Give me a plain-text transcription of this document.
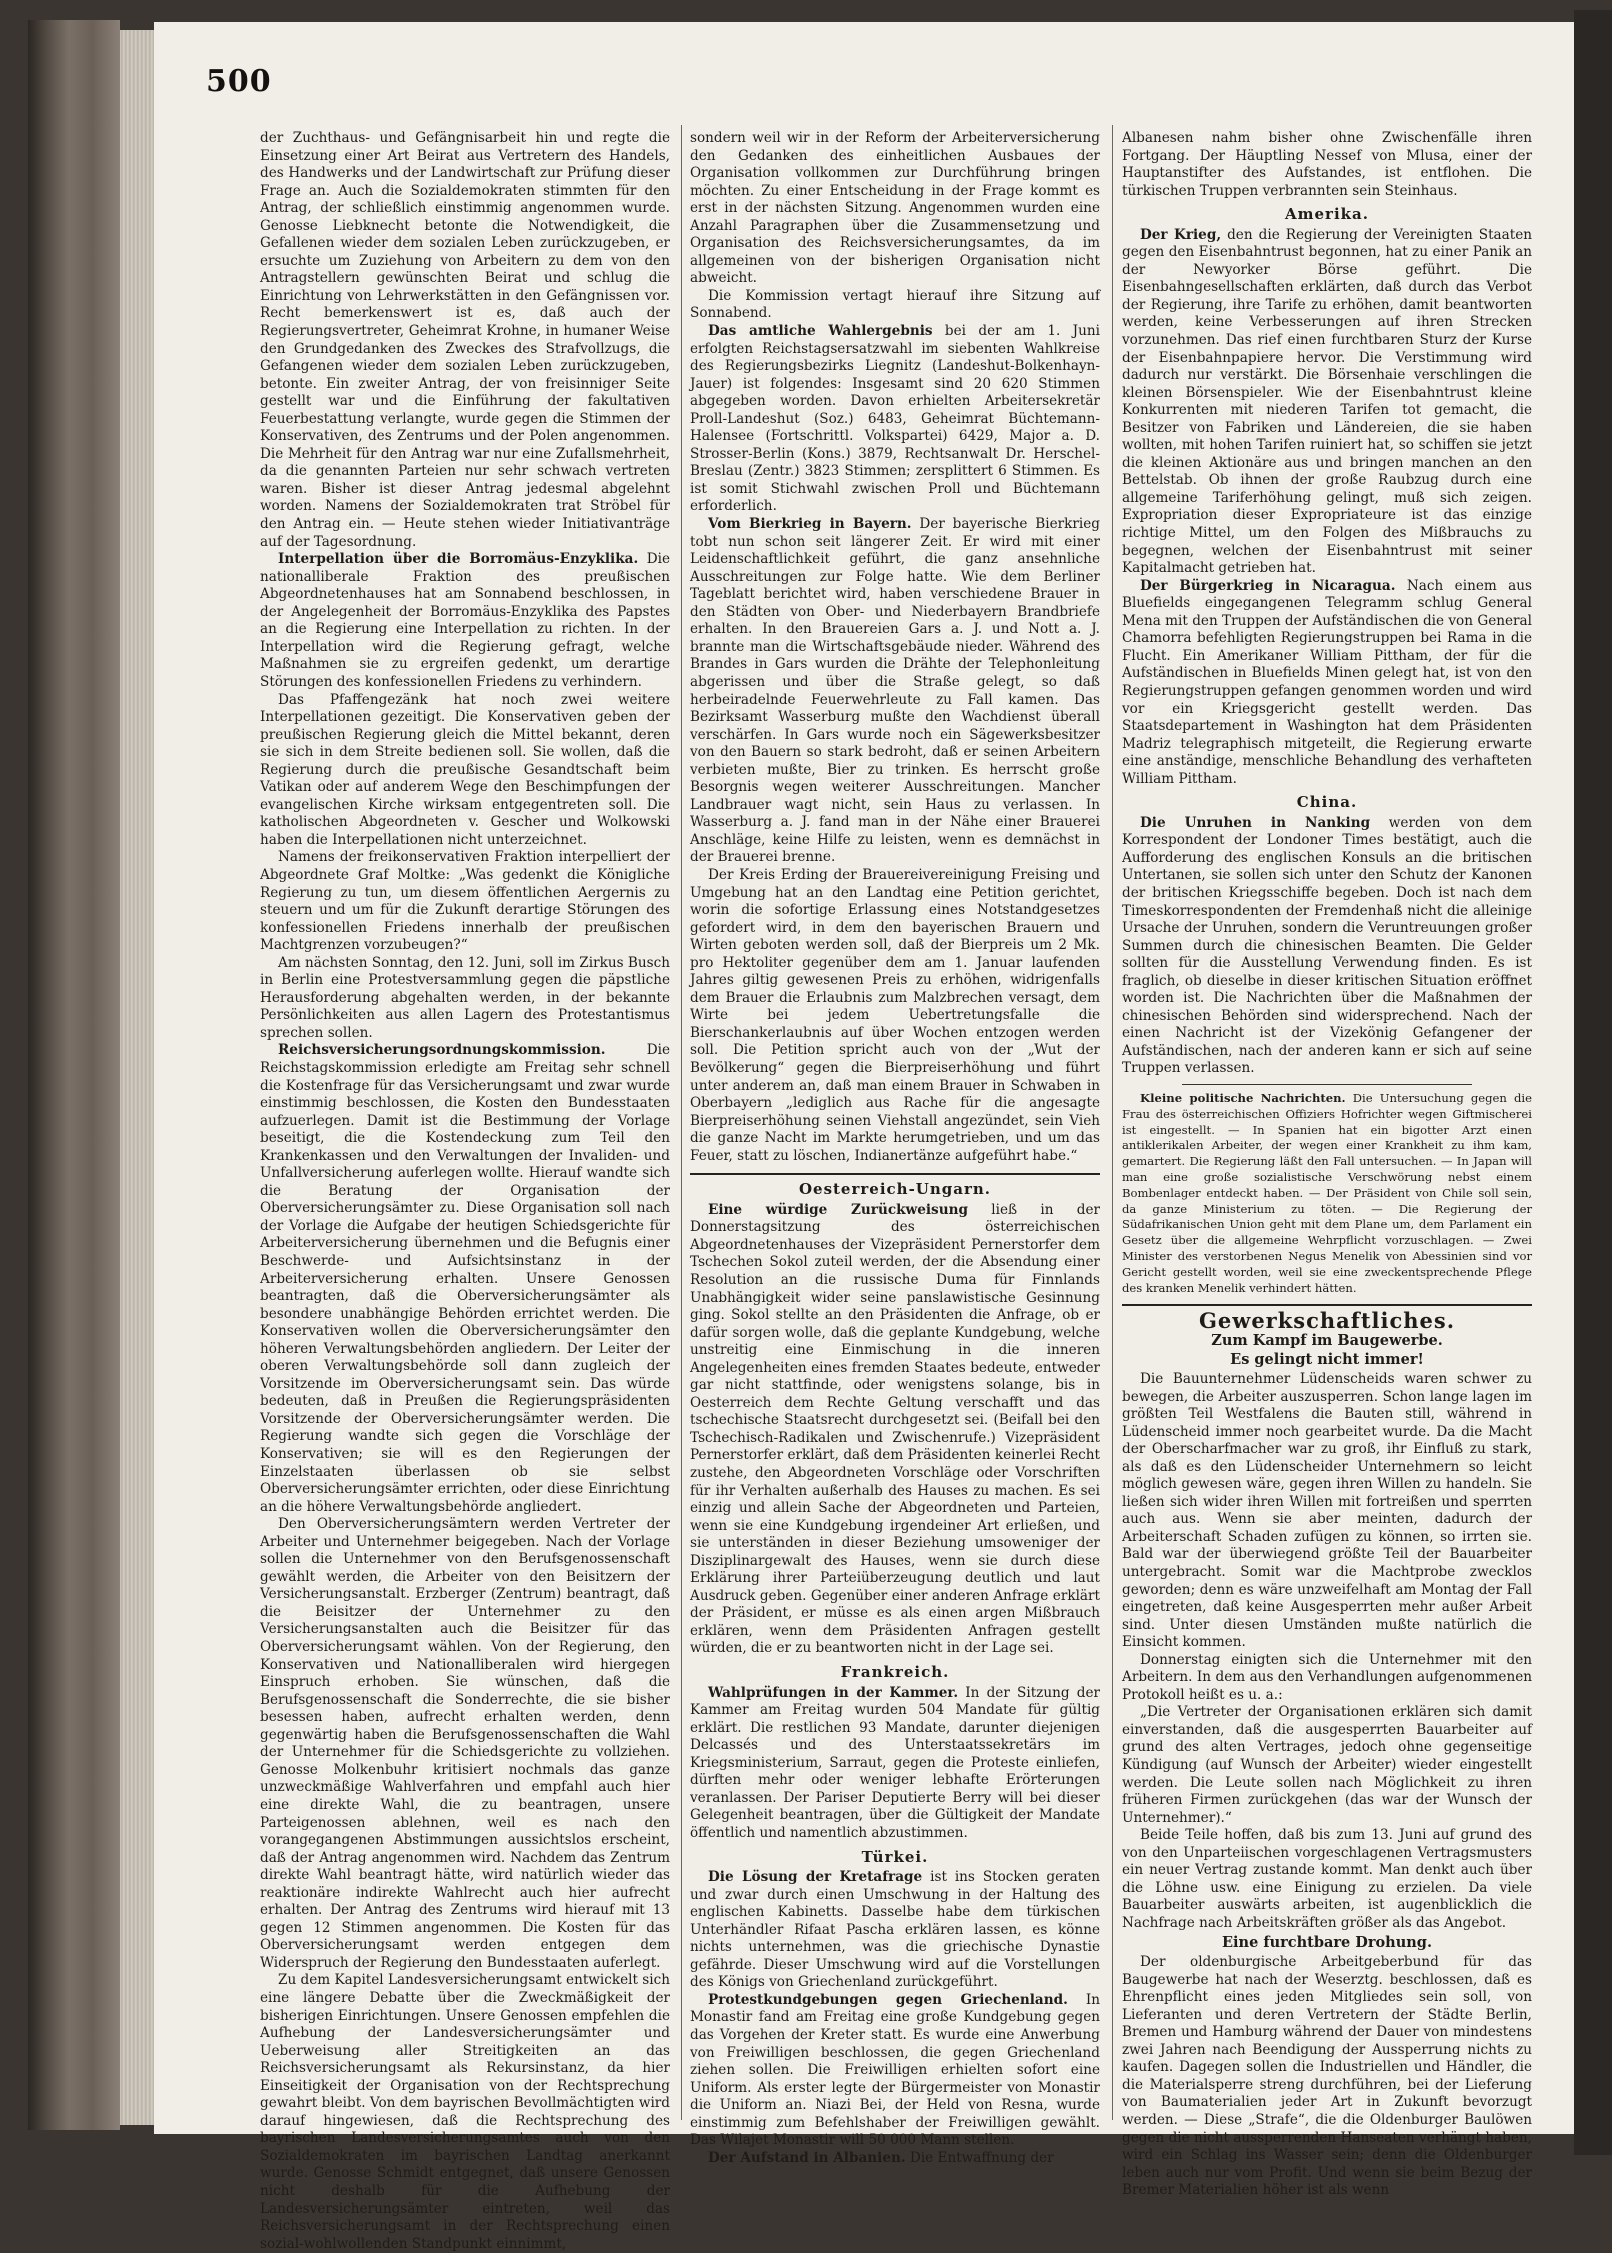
500

der Zuchthaus- und Gefängnisarbeit hin und regte die Einsetzung einer Art Beirat aus Vertretern des Handels, des Handwerks und der Landwirtschaft zur Prüfung dieser Frage an. Auch die Sozialdemokraten stimmten für den Antrag, der schließlich einstimmig angenommen wurde. Genosse Liebknecht betonte die Notwendigkeit, die Gefallenen wieder dem sozialen Leben zurückzugeben, er ersuchte um Zuziehung von Arbeitern zu dem von den Antragstellern gewünschten Beirat und schlug die Einrichtung von Lehrwerkstätten in den Gefängnissen vor. Recht bemerkenswert ist es, daß auch der Regierungsvertreter, Geheimrat Krohne, in humaner Weise den Grundgedanken des Zweckes des Strafvollzugs, die Gefangenen wieder dem sozialen Leben zurückzugeben, betonte. Ein zweiter Antrag, der von freisinniger Seite gestellt war und die Einführung der fakultativen Feuerbestattung verlangte, wurde gegen die Stimmen der Konservativen, des Zentrums und der Polen angenommen. Die Mehrheit für den Antrag war nur eine Zufallsmehrheit, da die genannten Parteien nur sehr schwach vertreten waren. Bisher ist dieser Antrag jedesmal abgelehnt worden. Namens der Sozialdemokraten trat Ströbel für den Antrag ein. — Heute stehen wieder Initiativanträge auf der Tagesordnung.

Interpellation über die Borromäus-Enzyklika. Die nationalliberale Fraktion des preußischen Abgeordnetenhauses hat am Sonnabend beschlossen, in der Angelegenheit der Borromäus-Enzyklika des Papstes an die Regierung eine Interpellation zu richten. In der Interpellation wird die Regierung gefragt, welche Maßnahmen sie zu ergreifen gedenkt, um derartige Störungen des konfessionellen Friedens zu verhindern.

Das Pfaffengezänk hat noch zwei weitere Interpellationen gezeitigt. Die Konservativen geben der preußischen Regierung gleich die Mittel bekannt, deren sie sich in dem Streite bedienen soll. Sie wollen, daß die Regierung durch die preußische Gesandtschaft beim Vatikan oder auf anderem Wege den Beschimpfungen der evangelischen Kirche wirksam entgegentreten soll. Die katholischen Abgeordneten v. Gescher und Wolkowski haben die Interpellationen nicht unterzeichnet.

Namens der freikonservativen Fraktion interpelliert der Abgeordnete Graf Moltke: „Was gedenkt die Königliche Regierung zu tun, um diesem öffentlichen Aergernis zu steuern und um für die Zukunft derartige Störungen des konfessionellen Friedens innerhalb der preußischen Machtgrenzen vorzubeugen?“

Am nächsten Sonntag, den 12. Juni, soll im Zirkus Busch in Berlin eine Protestversammlung gegen die päpstliche Herausforderung abgehalten werden, in der bekannte Persönlichkeiten aus allen Lagern des Protestantismus sprechen sollen.

Reichsversicherungsordnungskommission. Die Reichstagskommission erledigte am Freitag sehr schnell die Kostenfrage für das Versicherungsamt und zwar wurde einstimmig beschlossen, die Kosten den Bundesstaaten aufzuerlegen. Damit ist die Bestimmung der Vorlage beseitigt, die die Kostendeckung zum Teil den Krankenkassen und den Verwaltungen der Invaliden- und Unfallversicherung auferlegen wollte. Hierauf wandte sich die Beratung der Organisation der Oberversicherungsämter zu. Diese Organisation soll nach der Vorlage die Aufgabe der heutigen Schiedsgerichte für Arbeiterversicherung übernehmen und die Befugnis einer Beschwerde- und Aufsichtsinstanz in der Arbeiterversicherung erhalten. Unsere Genossen beantragten, daß die Oberversicherungsämter als besondere unabhängige Behörden errichtet werden. Die Konservativen wollen die Oberversicherungsämter den höheren Verwaltungsbehörden angliedern. Der Leiter der oberen Verwaltungsbehörde soll dann zugleich der Vorsitzende im Oberversicherungsamt sein. Das würde bedeuten, daß in Preußen die Regierungspräsidenten Vorsitzende der Oberversicherungsämter werden. Die Regierung wandte sich gegen die Vorschläge der Konservativen; sie will es den Regierungen der Einzelstaaten überlassen ob sie selbst Oberversicherungsämter errichten, oder diese Einrichtung an die höhere Verwaltungsbehörde angliedert.

Den Oberversicherungsämtern werden Vertreter der Arbeiter und Unternehmer beigegeben. Nach der Vorlage sollen die Unternehmer von den Berufsgenossenschaft gewählt werden, die Arbeiter von den Beisitzern der Versicherungsanstalt. Erzberger (Zentrum) beantragt, daß die Beisitzer der Unternehmer zu den Versicherungsanstalten auch die Beisitzer für das Oberversicherungsamt wählen. Von der Regierung, den Konservativen und Nationalliberalen wird hiergegen Einspruch erhoben. Sie wünschen, daß die Berufsgenossenschaft die Sonderrechte, die sie bisher besessen haben, aufrecht erhalten werden, denn gegenwärtig haben die Berufsgenossenschaften die Wahl der Unternehmer für die Schiedsgerichte zu vollziehen. Genosse Molkenbuhr kritisiert nochmals das ganze unzweckmäßige Wahlverfahren und empfahl auch hier eine direkte Wahl, die zu beantragen, unsere Parteigenossen ablehnen, weil es nach den vorangegangenen Abstimmungen aussichtslos erscheint, daß der Antrag angenommen wird. Nachdem das Zentrum direkte Wahl beantragt hätte, wird natürlich wieder das reaktionäre indirekte Wahlrecht auch hier aufrecht erhalten. Der Antrag des Zentrums wird hierauf mit 13 gegen 12 Stimmen angenommen. Die Kosten für das Oberversicherungsamt werden entgegen dem Widerspruch der Regierung den Bundesstaaten auferlegt.

Zu dem Kapitel Landesversicherungsamt entwickelt sich eine längere Debatte über die Zweckmäßigkeit der bisherigen Einrichtungen. Unsere Genossen empfehlen die Aufhebung der Landesversicherungsämter und Ueberweisung aller Streitigkeiten an das Reichsversicherungsamt als Rekursinstanz, da hier Einseitigkeit der Organisation von der Rechtsprechung gewahrt bleibt. Von dem bayrischen Bevollmächtigten wird darauf hingewiesen, daß die Rechtsprechung des bayrischen Landesversicherungsamtes auch von den Sozialdemokraten im bayrischen Landtag anerkannt wurde. Genosse Schmidt entgegnet, daß unsere Genossen nicht deshalb für die Aufhebung der Landesversicherungsämter eintreten, weil das Reichsversicherungsamt in der Rechtsprechung einen sozial-wohlwollenden Standpunkt einnimmt,

sondern weil wir in der Reform der Arbeiterversicherung den Gedanken des einheitlichen Ausbaues der Organisation vollkommen zur Durchführung bringen möchten. Zu einer Entscheidung in der Frage kommt es erst in der nächsten Sitzung. Angenommen wurden eine Anzahl Paragraphen über die Zusammensetzung und Organisation des Reichsversicherungsamtes, da im allgemeinen von der bisherigen Organisation nicht abweicht.

Die Kommission vertagt hierauf ihre Sitzung auf Sonnabend.

Das amtliche Wahlergebnis bei der am 1. Juni erfolgten Reichstagsersatzwahl im siebenten Wahlkreise des Regierungsbezirks Liegnitz (Landeshut-Bolkenhayn-Jauer) ist folgendes: Insgesamt sind 20 620 Stimmen abgegeben worden. Davon erhielten Arbeitersekretär Proll-Landeshut (Soz.) 6483, Geheimrat Büchtemann-Halensee (Fortschrittl. Volkspartei) 6429, Major a. D. Strosser-Berlin (Kons.) 3879, Rechtsanwalt Dr. Herschel-Breslau (Zentr.) 3823 Stimmen; zersplittert 6 Stimmen. Es ist somit Stichwahl zwischen Proll und Büchtemann erforderlich.

Vom Bierkrieg in Bayern. Der bayerische Bierkrieg tobt nun schon seit längerer Zeit. Er wird mit einer Leidenschaftlichkeit geführt, die ganz ansehnliche Ausschreitungen zur Folge hatte. Wie dem Berliner Tageblatt berichtet wird, haben verschiedene Brauer in den Städten von Ober- und Niederbayern Brandbriefe erhalten. In den Brauereien Gars a. J. und Nott a. J. brannte man die Wirtschaftsgebäude nieder. Während des Brandes in Gars wurden die Drähte der Telephonleitung abgerissen und über die Straße gelegt, so daß herbeiradelnde Feuerwehrleute zu Fall kamen. Das Bezirksamt Wasserburg mußte den Wachdienst überall verschärfen. In Gars wurde noch ein Sägewerksbesitzer von den Bauern so stark bedroht, daß er seinen Arbeitern verbieten mußte, Bier zu trinken. Es herrscht große Besorgnis wegen weiterer Ausschreitungen. Mancher Landbrauer wagt nicht, sein Haus zu verlassen. In Wasserburg a. J. fand man in der Nähe einer Brauerei Anschläge, keine Hilfe zu leisten, wenn es demnächst in der Brauerei brenne.

Der Kreis Erding der Brauereivereinigung Freising und Umgebung hat an den Landtag eine Petition gerichtet, worin die sofortige Erlassung eines Notstandgesetzes gefordert wird, in dem den bayerischen Brauern und Wirten geboten werden soll, daß der Bierpreis um 2 Mk. pro Hektoliter gegenüber dem am 1. Januar laufenden Jahres giltig gewesenen Preis zu erhöhen, widrigenfalls dem Brauer die Erlaubnis zum Malzbrechen versagt, dem Wirte bei jedem Uebertretungsfalle die Bierschankerlaubnis auf über Wochen entzogen werden soll. Die Petition spricht auch von der „Wut der Bevölkerung“ gegen die Bierpreiserhöhung und führt unter anderem an, daß man einem Brauer in Schwaben in Oberbayern „lediglich aus Rache für die angesagte Bierpreiserhöhung seinen Viehstall angezündet, sein Vieh die ganze Nacht im Markte herumgetrieben, und um das Feuer, statt zu löschen, Indianertänze aufgeführt habe.“

Oesterreich-Ungarn.

Eine würdige Zurückweisung ließ in der Donnerstagsitzung des österreichischen Abgeordnetenhauses der Vizepräsident Pernerstorfer dem Tschechen Sokol zuteil werden, der die Absendung einer Resolution an die russische Duma für Finnlands Unabhängigkeit wider seine panslawistische Gesinnung ging. Sokol stellte an den Präsidenten die Anfrage, ob er dafür sorgen wolle, daß die geplante Kundgebung, welche unstreitig eine Einmischung in die inneren Angelegenheiten eines fremden Staates bedeute, entweder gar nicht stattfinde, oder wenigstens solange, bis in Oesterreich dem Rechte Geltung verschafft und das tschechische Staatsrecht durchgesetzt sei. (Beifall bei den Tschechisch-Radikalen und Zwischenrufe.) Vizepräsident Pernerstorfer erklärt, daß dem Präsidenten keinerlei Recht zustehe, den Abgeordneten Vorschläge oder Vorschriften für ihr Verhalten außerhalb des Hauses zu machen. Es sei einzig und allein Sache der Abgeordneten und Parteien, wenn sie eine Kundgebung irgendeiner Art erließen, und sie unterständen in dieser Beziehung umsoweniger der Disziplinargewalt des Hauses, wenn sie durch diese Erklärung ihrer Parteiüberzeugung deutlich und laut Ausdruck geben. Gegenüber einer anderen Anfrage erklärt der Präsident, er müsse es als einen argen Mißbrauch erklären, wenn dem Präsidenten Anfragen gestellt würden, die er zu beantworten nicht in der Lage sei.

Frankreich.

Wahlprüfungen in der Kammer. In der Sitzung der Kammer am Freitag wurden 504 Mandate für gültig erklärt. Die restlichen 93 Mandate, darunter diejenigen Delcassés und des Unterstaatssekretärs im Kriegsministerium, Sarraut, gegen die Proteste einliefen, dürften mehr oder weniger lebhafte Erörterungen veranlassen. Der Pariser Deputierte Berry will bei dieser Gelegenheit beantragen, über die Gültigkeit der Mandate öffentlich und namentlich abzustimmen.

Türkei.

Die Lösung der Kretafrage ist ins Stocken geraten und zwar durch einen Umschwung in der Haltung des englischen Kabinetts. Dasselbe habe dem türkischen Unterhändler Rifaat Pascha erklären lassen, es könne nichts unternehmen, was die griechische Dynastie gefährde. Dieser Umschwung wird auf die Vorstellungen des Königs von Griechenland zurückgeführt.

Protestkundgebungen gegen Griechenland. In Monastir fand am Freitag eine große Kundgebung gegen das Vorgehen der Kreter statt. Es wurde eine Anwerbung von Freiwilligen beschlossen, die gegen Griechenland ziehen sollen. Die Freiwilligen erhielten sofort eine Uniform. Als erster legte der Bürgermeister von Monastir die Uniform an. Niazi Bei, der Held von Resna, wurde einstimmig zum Befehlshaber der Freiwilligen gewählt. Das Wilajet Monastir will 50 000 Mann stellen.

Der Aufstand in Albanien. Die Entwaffnung der

Albanesen nahm bisher ohne Zwischenfälle ihren Fortgang. Der Häuptling Nessef von Mlusa, einer der Hauptanstifter des Aufstandes, ist entflohen. Die türkischen Truppen verbrannten sein Steinhaus.

Amerika.

Der Krieg, den die Regierung der Vereinigten Staaten gegen den Eisenbahntrust begonnen, hat zu einer Panik an der Newyorker Börse geführt. Die Eisenbahngesellschaften erklärten, daß durch das Verbot der Regierung, ihre Tarife zu erhöhen, damit beantworten werden, keine Verbesserungen auf ihren Strecken vorzunehmen. Das rief einen furchtbaren Sturz der Kurse der Eisenbahnpapiere hervor. Die Verstimmung wird dadurch nur verstärkt. Die Börsenhaie verschlingen die kleinen Börsenspieler. Wie der Eisenbahntrust kleine Konkurrenten mit niederen Tarifen tot gemacht, die Besitzer von Fabriken und Ländereien, die sie haben wollten, mit hohen Tarifen ruiniert hat, so schiffen sie jetzt die kleinen Aktionäre aus und bringen manchen an den Bettelstab. Ob ihnen der große Raubzug durch eine allgemeine Tariferhöhung gelingt, muß sich zeigen. Expropriation dieser Expropriateure ist das einzige richtige Mittel, um den Folgen des Mißbrauchs zu begegnen, welchen der Eisenbahntrust mit seiner Kapitalmacht getrieben hat.

Der Bürgerkrieg in Nicaragua. Nach einem aus Bluefields eingegangenen Telegramm schlug General Mena mit den Truppen der Aufständischen die von General Chamorra befehligten Regierungstruppen bei Rama in die Flucht. Ein Amerikaner William Pittham, der für die Aufständischen in Bluefields Minen gelegt hat, ist von den Regierungstruppen gefangen genommen worden und wird vor ein Kriegsgericht gestellt werden. Das Staatsdepartement in Washington hat dem Präsidenten Madriz telegraphisch mitgeteilt, die Regierung erwarte eine anständige, menschliche Behandlung des verhafteten William Pittham.

China.

Die Unruhen in Nanking werden von dem Korrespondent der Londoner Times bestätigt, auch die Aufforderung des englischen Konsuls an die britischen Untertanen, sie sollen sich unter den Schutz der Kanonen der britischen Kriegsschiffe begeben. Doch ist nach dem Timeskorrespondenten der Fremdenhaß nicht die alleinige Ursache der Unruhen, sondern die Veruntreuungen großer Summen durch die chinesischen Beamten. Die Gelder sollten für die Ausstellung Verwendung finden. Es ist fraglich, ob dieselbe in dieser kritischen Situation eröffnet worden ist. Die Nachrichten über die Maßnahmen der chinesischen Behörden sind widersprechend. Nach der einen Nachricht ist der Vizekönig Gefangener der Aufständischen, nach der anderen kann er sich auf seine Truppen verlassen.

Kleine politische Nachrichten. Die Untersuchung gegen die Frau des österreichischen Offiziers Hofrichter wegen Giftmischerei ist eingestellt. — In Spanien hat ein bigotter Arzt einen antiklerikalen Arbeiter, der wegen einer Krankheit zu ihm kam, gemartert. Die Regierung läßt den Fall untersuchen. — In Japan will man eine große sozialistische Verschwörung nebst einem Bombenlager entdeckt haben. — Der Präsident von Chile soll sein, da ganze Ministerium zu töten. — Die Regierung der Südafrikanischen Union geht mit dem Plane um, dem Parlament ein Gesetz über die allgemeine Wehrpflicht vorzuschlagen. — Zwei Minister des verstorbenen Negus Menelik von Abessinien sind vor Gericht gestellt worden, weil sie eine zweckentsprechende Pflege des kranken Menelik verhindert hätten.

Gewerkschaftliches.
Zum Kampf im Baugewerbe.
Es gelingt nicht immer!

Die Bauunternehmer Lüdenscheids waren schwer zu bewegen, die Arbeiter auszusperren. Schon lange lagen im größten Teil Westfalens die Bauten still, während in Lüdenscheid immer noch gearbeitet wurde. Da die Macht der Oberscharfmacher war zu groß, ihr Einfluß zu stark, als daß es den Lüdenscheider Unternehmern so leicht möglich gewesen wäre, gegen ihren Willen zu handeln. Sie ließen sich wider ihren Willen mit fortreißen und sperrten auch aus. Wenn sie aber meinten, dadurch der Arbeiterschaft Schaden zufügen zu können, so irrten sie. Bald war der überwiegend größte Teil der Bauarbeiter untergebracht. Somit war die Machtprobe zwecklos geworden; denn es wäre unzweifelhaft am Montag der Fall eingetreten, daß keine Ausgesperrten mehr außer Arbeit sind. Unter diesen Umständen mußte natürlich die Einsicht kommen.

Donnerstag einigten sich die Unternehmer mit den Arbeitern. In dem aus den Verhandlungen aufgenommenen Protokoll heißt es u. a.:

„Die Vertreter der Organisationen erklären sich damit einverstanden, daß die ausgesperrten Bauarbeiter auf grund des alten Vertrages, jedoch ohne gegenseitige Kündigung (auf Wunsch der Arbeiter) wieder eingestellt werden. Die Leute sollen nach Möglichkeit zu ihren früheren Firmen zurückgehen (das war der Wunsch der Unternehmer).“

Beide Teile hoffen, daß bis zum 13. Juni auf grund des von den Unparteiischen vorgeschlagenen Vertragsmusters ein neuer Vertrag zustande kommt. Man denkt auch über die Löhne usw. eine Einigung zu erzielen. Da viele Bauarbeiter auswärts arbeiten, ist augenblicklich die Nachfrage nach Arbeitskräften größer als das Angebot.

Eine furchtbare Drohung.

Der oldenburgische Arbeitgeberbund für das Baugewerbe hat nach der Weserztg. beschlossen, daß es Ehrenpflicht eines jeden Mitgliedes sein soll, von Lieferanten und deren Vertretern der Städte Berlin, Bremen und Hamburg während der Dauer von mindestens zwei Jahren nach Beendigung der Aussperrung nichts zu kaufen. Dagegen sollen die Industriellen und Händler, die die Materialsperre streng durchführen, bei der Lieferung von Baumaterialien jeder Art in Zukunft bevorzugt werden. — Diese „Strafe“, die die Oldenburger Baulöwen gegen die nicht aussperrenden Hanseaten verhängt haben, wird ein Schlag ins Wasser sein; denn die Oldenburger leben auch nur vom Profit. Und wenn sie beim Bezug der Bremer Materialien höher ist als wenn
